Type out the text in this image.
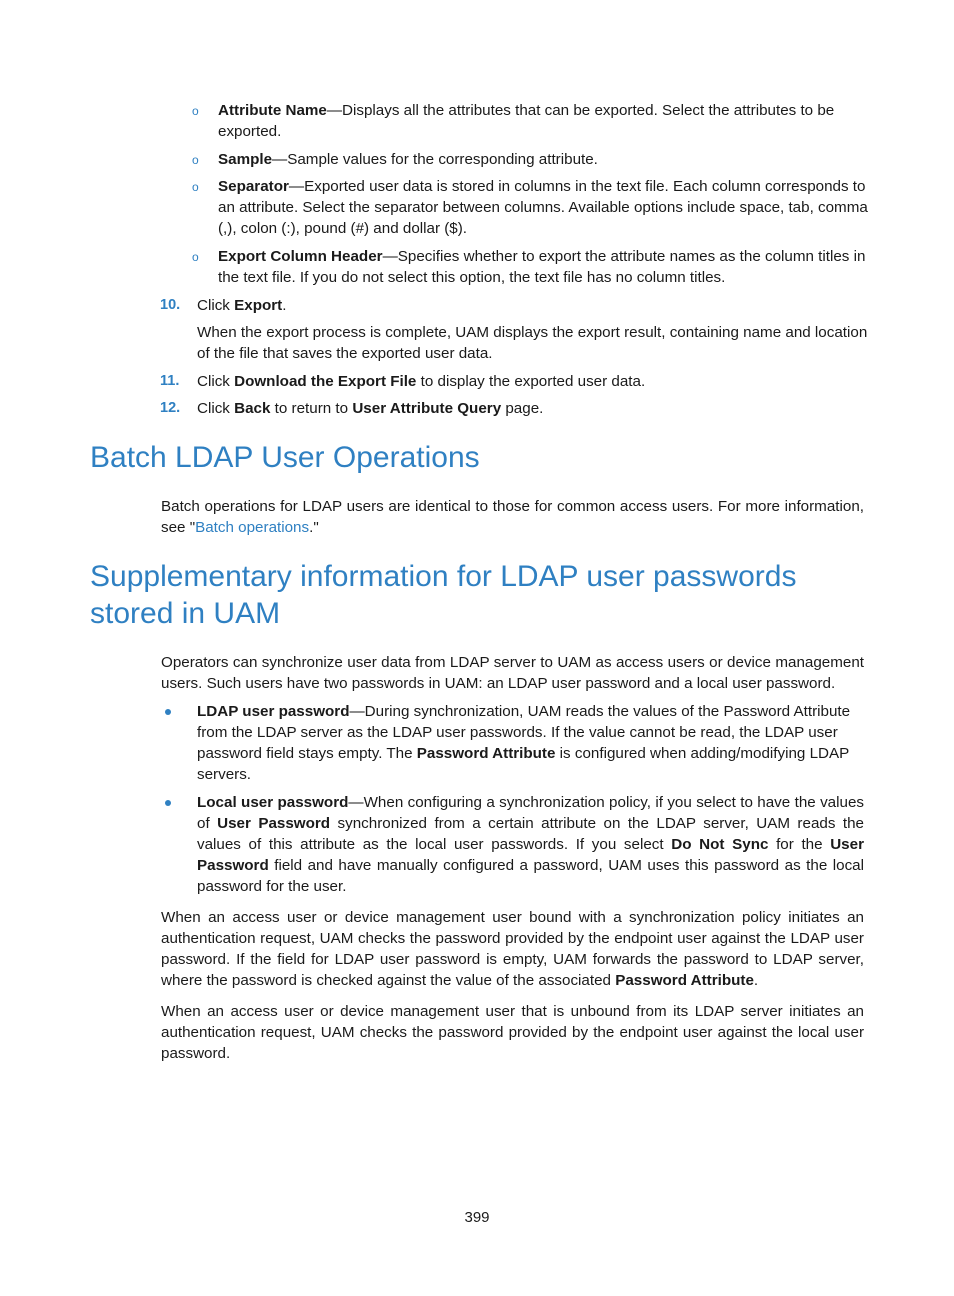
o Attribute Name—Displays all the attributes that can be exported. Select the attributes to be exported.
o Sample—Sample values for the corresponding attribute.
o Separator—Exported user data is stored in columns in the text file. Each column corresponds to an attribute. Select the separator between columns. Available options include space, tab, comma (,), colon (:), pound (#) and dollar ($).
o Export Column Header—Specifies whether to export the attribute names as the column titles in the text file. If you do not select this option, the text file has no column titles.
10. Click Export.

When the export process is complete, UAM displays the export result, containing name and location of the file that saves the exported user data.

11. Click Download the Export File to display the exported user data.
12. Click Back to return to User Attribute Query page.
Batch LDAP User Operations

Batch operations for LDAP users are identical to those for common access users. For more information, see "Batch operations."

Supplementary information for LDAP user passwords stored in UAM

Operators can synchronize user data from LDAP server to UAM as access users or device management users. Such users have two passwords in UAM: an LDAP user password and a local user password.

LDAP user password—During synchronization, UAM reads the values of the Password Attribute from the LDAP server as the LDAP user passwords. If the value cannot be read, the LDAP user password field stays empty. The Password Attribute is configured when adding/modifying LDAP servers.
Local user password—When configuring a synchronization policy, if you select to have the values of User Password synchronized from a certain attribute on the LDAP server, UAM reads the values of this attribute as the local user passwords. If you select Do Not Sync for the User Password field and have manually configured a password, UAM uses this password as the local password for the user.

When an access user or device management user bound with a synchronization policy initiates an authentication request, UAM checks the password provided by the endpoint user against the LDAP user password. If the field for LDAP user password is empty, UAM forwards the password to LDAP server, where the password is checked against the value of the associated Password Attribute.

When an access user or device management user that is unbound from its LDAP server initiates an authentication request, UAM checks the password provided by the endpoint user against the local user password.

399
